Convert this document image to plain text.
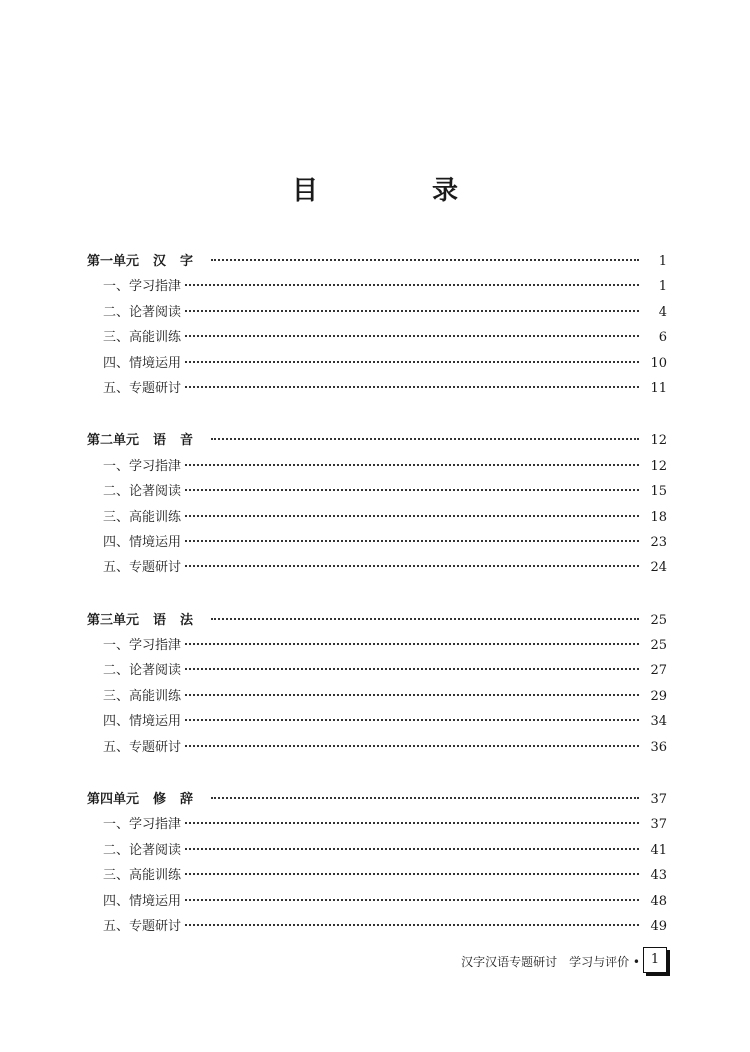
目　录
第一单元 汉字	1
一、学习指津	1
二、论著阅读	4
三、高能训练	6
四、情境运用	10
五、专题研讨	11
第二单元 语音	12
一、学习指津	12
二、论著阅读	15
三、高能训练	18
四、情境运用	23
五、专题研讨	24
第三单元 语法	25
一、学习指津	25
二、论著阅读	27
三、高能训练	29
四、情境运用	34
五、专题研讨	36
第四单元 修辞	37
一、学习指津	37
二、论著阅读	41
三、高能训练	43
四、情境运用	48
五、专题研讨	49
汉字汉语专题研讨　学习与评价 • 1
